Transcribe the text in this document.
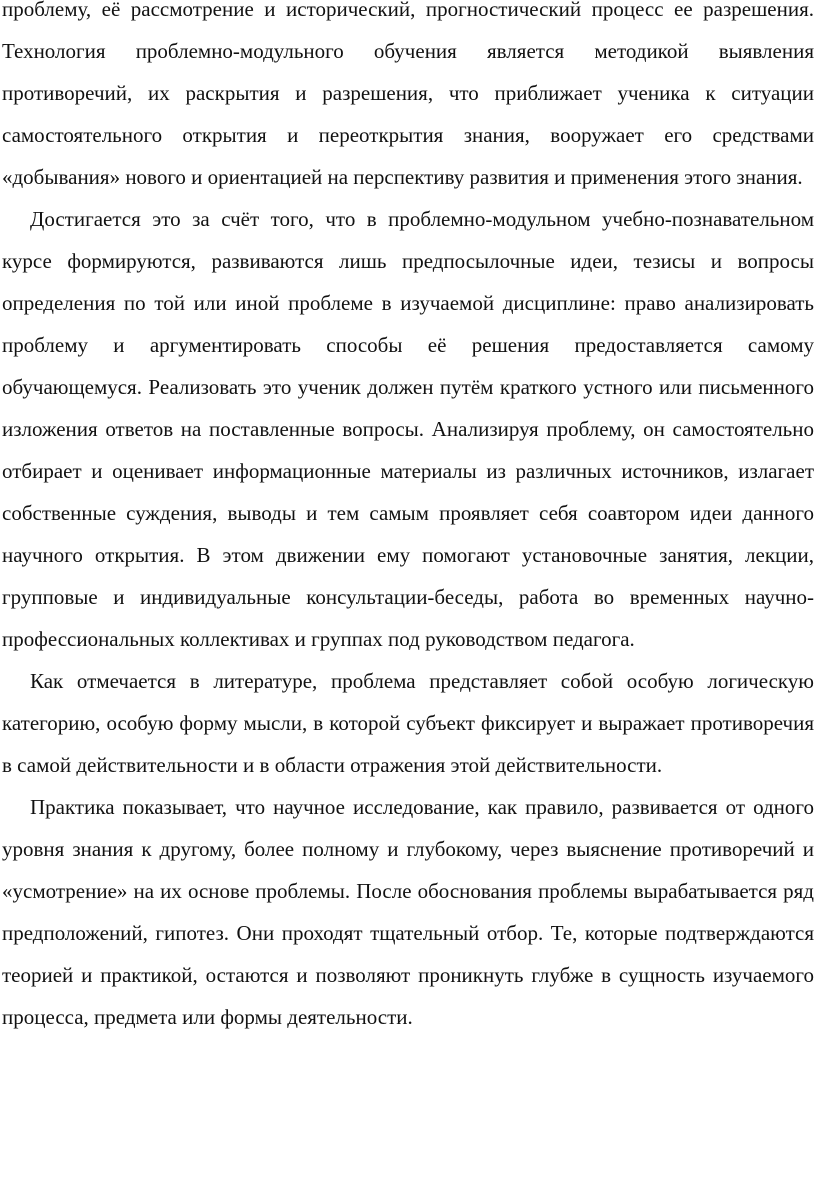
проблему, её рассмотрение и исторический, прогностический процесс ее разрешения. Технология проблемно-модульного обучения является методикой выявления противоречий, их раскрытия и разрешения, что приближает ученика к ситуации самостоятельного открытия и переоткрытия знания, вооружает его средствами «добывания» нового и ориентацией на перспективу развития и применения этого знания.

Достигается это за счёт того, что в проблемно-модульном учебно-познавательном курсе формируются, развиваются лишь предпосылочные идеи, тезисы и вопросы определения по той или иной проблеме в изучаемой дисциплине: право анализировать проблему и аргументировать способы её решения предоставляется самому обучающемуся. Реализовать это ученик должен путём краткого устного или письменного изложения ответов на поставленные вопросы. Анализируя проблему, он самостоятельно отбирает и оценивает информационные материалы из различных источников, излагает собственные суждения, выводы и тем самым проявляет себя соавтором идеи данного научного открытия. В этом движении ему помогают установочные занятия, лекции, групповые и индивидуальные консультации-беседы, работа во временных научно-профессиональных коллективах и группах под руководством педагога.

Как отмечается в литературе, проблема представляет собой особую логическую категорию, особую форму мысли, в которой субъект фиксирует и выражает противоречия в самой действительности и в области отражения этой действительности.

Практика показывает, что научное исследование, как правило, развивается от одного уровня знания к другому, более полному и глубокому, через выяснение противоречий и «усмотрение» на их основе проблемы. После обоснования проблемы вырабатывается ряд предположений, гипотез. Они проходят тщательный отбор. Те, которые подтверждаются теорией и практикой, остаются и позволяют проникнуть глубже в сущность изучаемого процесса, предмета или формы деятельности.
